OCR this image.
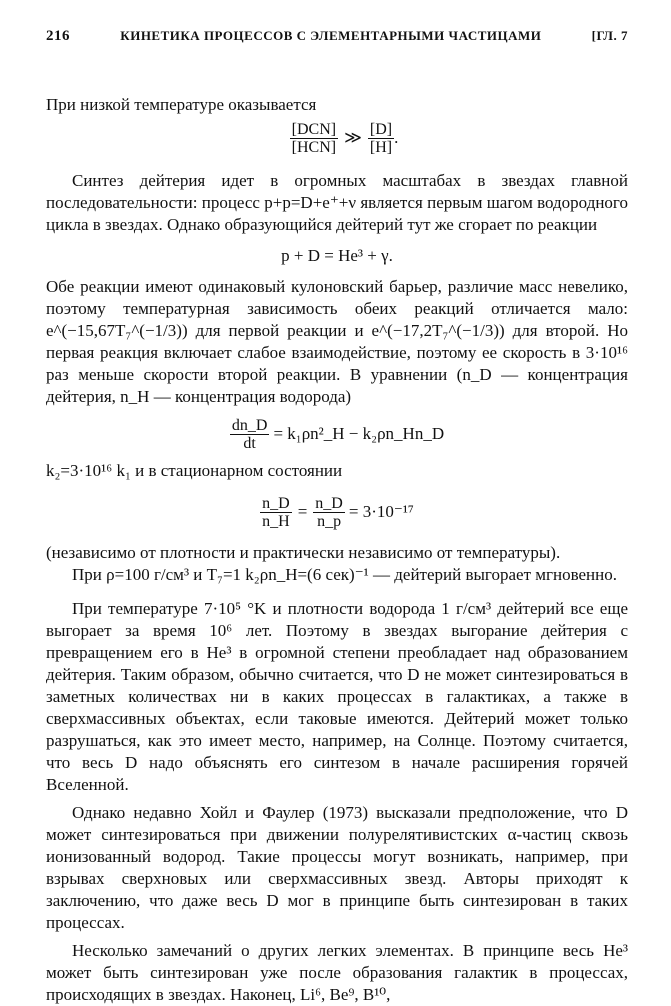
216	КИНЕТИКА ПРОЦЕССОВ С ЭЛЕМЕНТАРНЫМИ ЧАСТИЦАМИ	[ГЛ. 7

При низкой температуре оказывается

$\frac{\text{[DCN]}}{\text{[HCN]}}$ ≫ $\frac{[D]}{[H]}$ .

Синтез дейтерия идет в огромных масштабах в звездах главной последовательности: процесс p+p=D+e⁺+ν является первым шагом водородного цикла в звездах. Однако образующийся дейтерий тут же сгорает по реакции

p + D = He³ + γ.

Обе реакции имеют одинаковый кулоновский барьер, различие масс невелико, поэтому температурная зависимость обеих реакций отличается мало: e^(−15,67T₇^(−1/3)) для первой реакции и e^(−17,2T₇^(−1/3)) для второй. Но первая реакция включает слабое взаимодействие, поэтому ее скорость в 3·10¹⁶ раз меньше скорости второй реакции. В уравнении (n_D — концентрация дейтерия, n_H — концентрация водорода)

$\frac{dn\_D}{dt}$ = k₁ρn²_H − k₂ρn_Hn_D

k₂=3·10¹⁶ k₁ и в стационарном состоянии

$\frac{n\_D}{n\_H} = \frac{n\_D}{n\_p} = 3\cdot 10^{-17}$

(независимо от плотности и практически независимо от температуры).

При ρ=100 г/см³ и T₇=1 k₂ρn_H=(6 сек)⁻¹ — дейтерий выгорает мгновенно.

При температуре 7·10⁵ °K и плотности водорода 1 г/см³ дейтерий все еще выгорает за время 10⁶ лет. Поэтому в звездах выгорание дейтерия с превращением его в He³ в огромной степени преобладает над образованием дейтерия. Таким образом, обычно считается, что D не может синтезироваться в заметных количествах ни в каких процессах в галактиках, а также в сверхмассивных объектах, если таковые имеются. Дейтерий может только разрушаться, как это имеет место, например, на Солнце. Поэтому считается, что весь D надо объяснять его синтезом в начале расширения горячей Вселенной.

Однако недавно Хойл и Фаулер (1973) высказали предположение, что D может синтезироваться при движении полурелятивистских α-частиц сквозь ионизованный водород. Такие процессы могут возникать, например, при взрывах сверхновых или сверхмассивных звезд. Авторы приходят к заключению, что даже весь D мог в принципе быть синтезирован в таких процессах.

Несколько замечаний о других легких элементах. В принципе весь He³ может быть синтезирован уже после образования галактик в процессах, происходящих в звездах. Наконец, Li⁶, Be⁹, B¹⁰,
